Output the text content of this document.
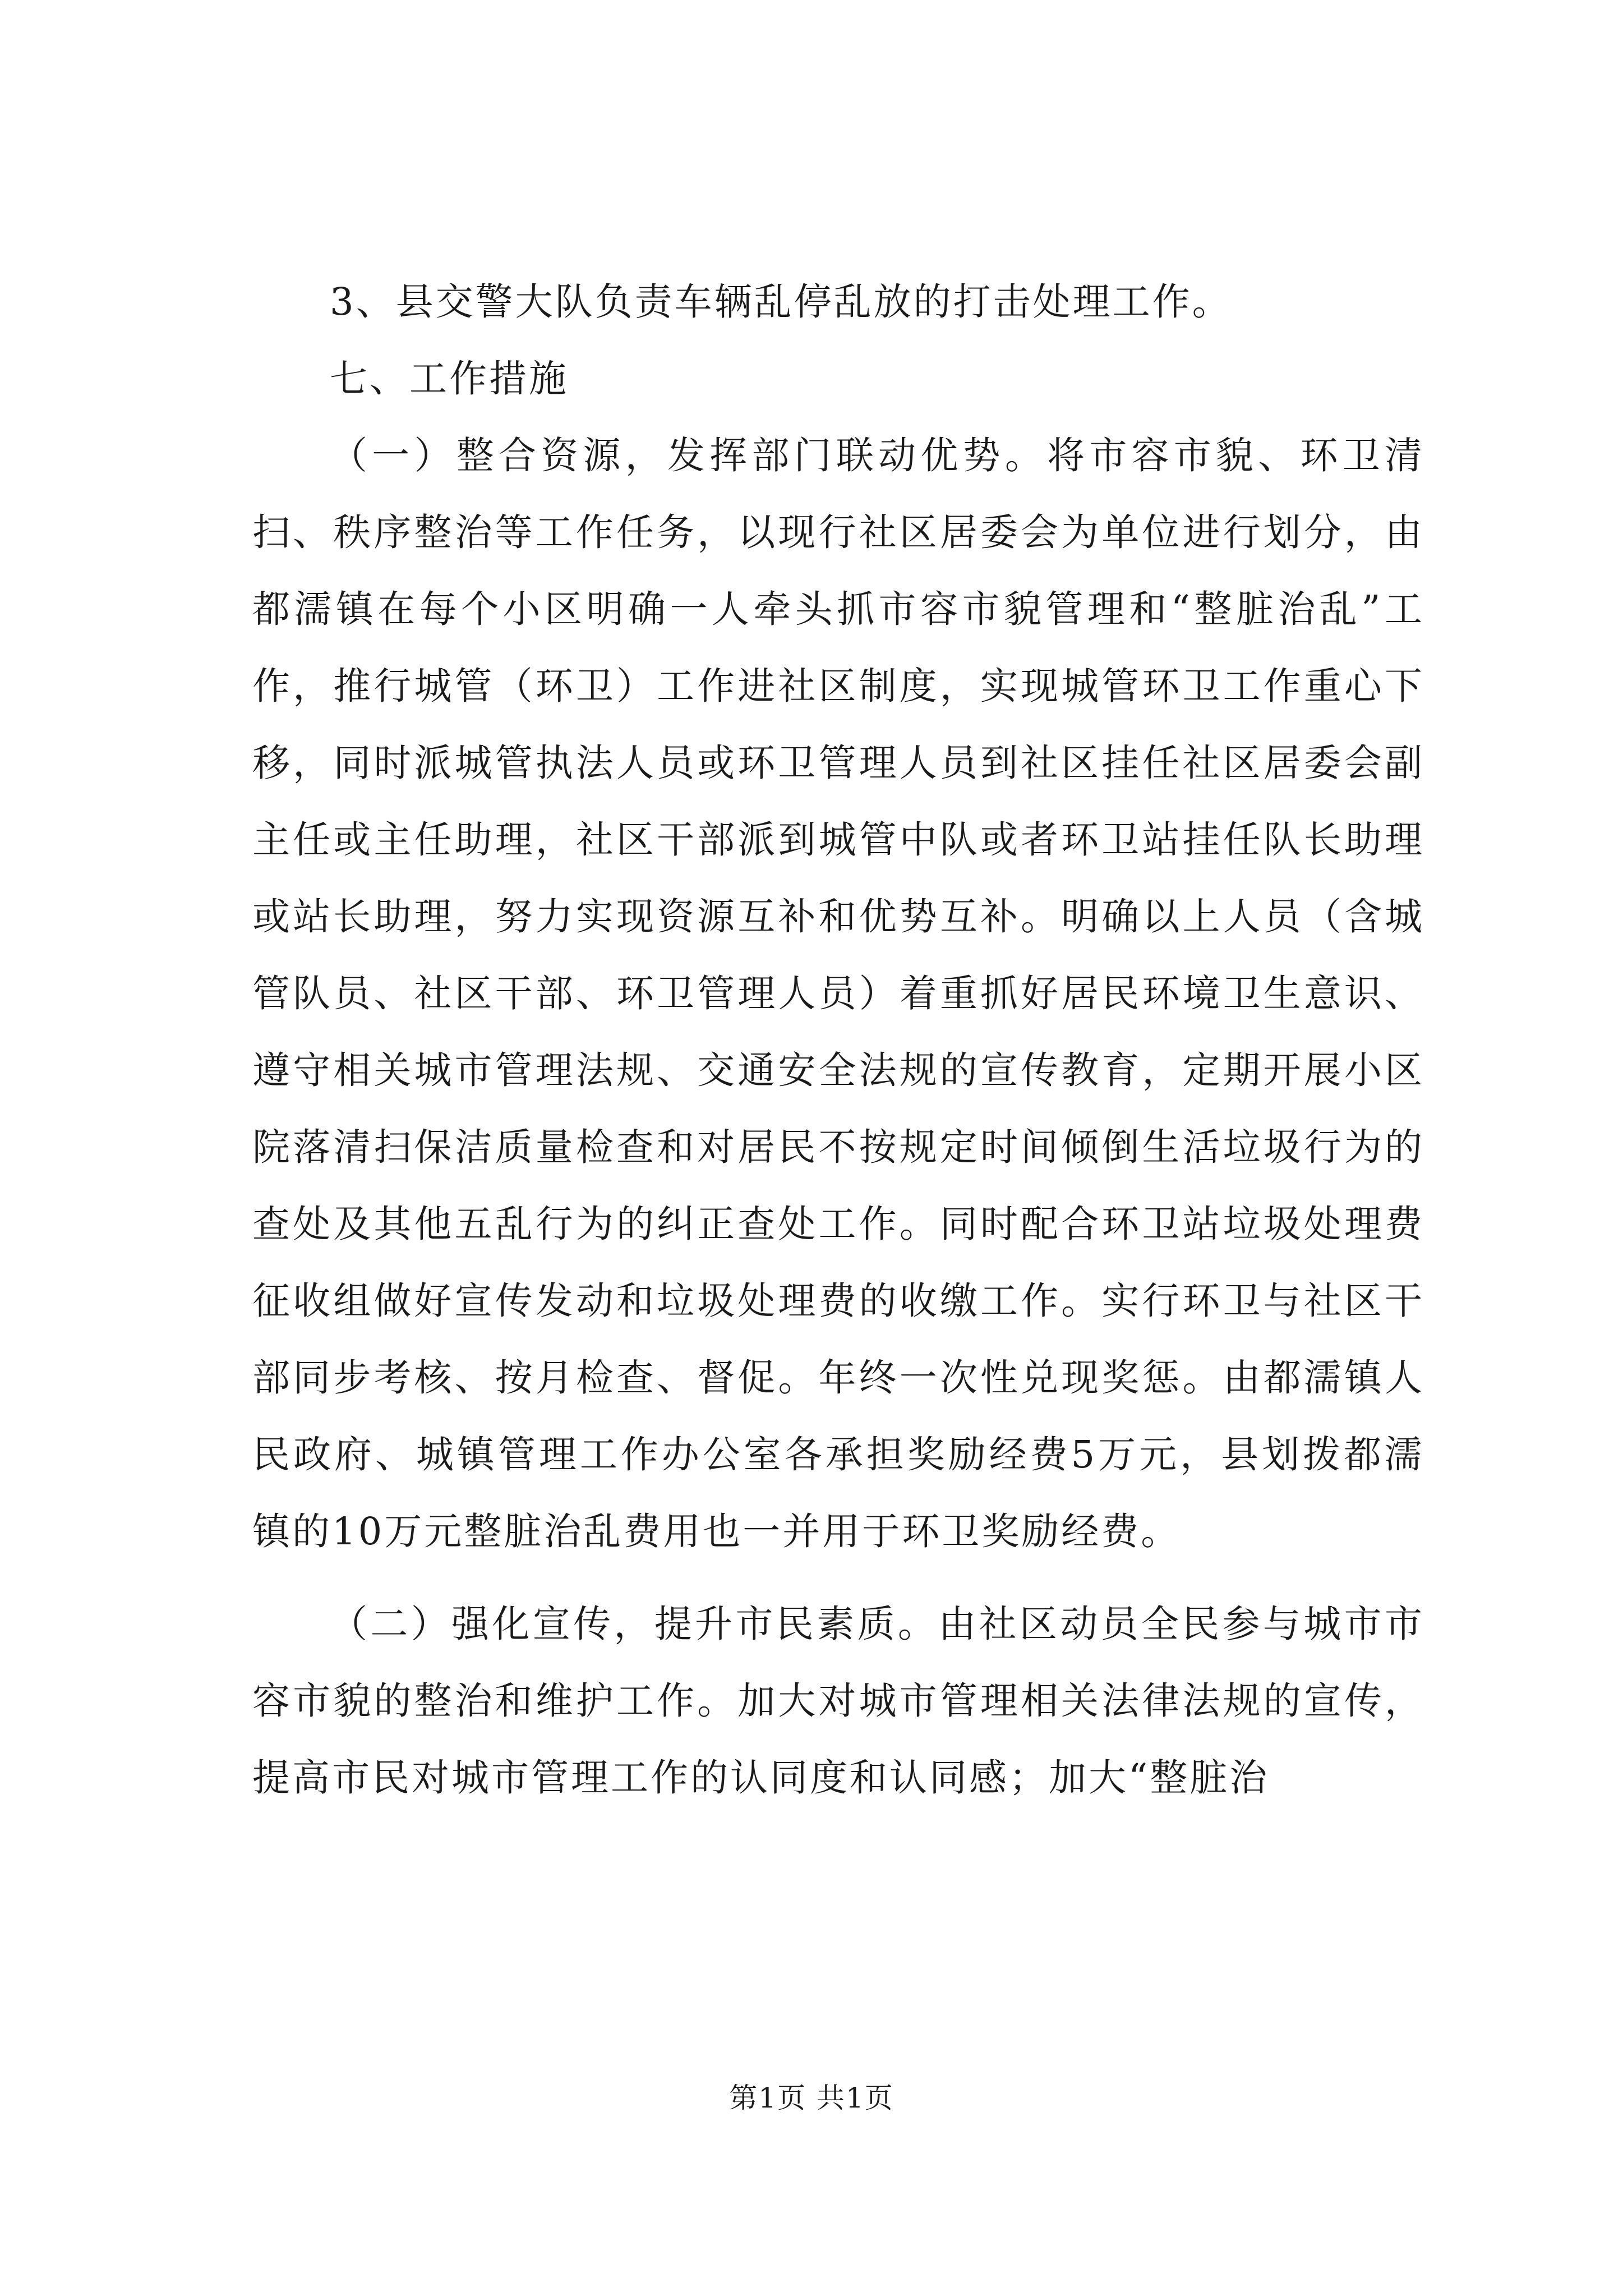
3、县交警大队负责车辆乱停乱放的打击处理工作。

七、工作措施

（一）整合资源，发挥部门联动优势。将市容市貌、环卫清扫、秩序整治等工作任务，以现行社区居委会为单位进行划分，由都濡镇在每个小区明确一人牵头抓市容市貌管理和“整脏治乱”工作，推行城管（环卫）工作进社区制度，实现城管环卫工作重心下移，同时派城管执法人员或环卫管理人员到社区挂任社区居委会副主任或主任助理，社区干部派到城管中队或者环卫站挂任队长助理或站长助理，努力实现资源互补和优势互补。明确以上人员（含城管队员、社区干部、环卫管理人员）着重抓好居民环境卫生意识、遵守相关城市管理法规、交通安全法规的宣传教育，定期开展小区院落清扫保洁质量检查和对居民不按规定时间倾倒生活垃圾行为的查处及其他五乱行为的纠正查处工作。同时配合环卫站垃圾处理费征收组做好宣传发动和垃圾处理费的收缴工作。实行环卫与社区干部同步考核、按月检查、督促。年终一次性兑现奖惩。由都濡镇人民政府、城镇管理工作办公室各承担奖励经费5万元，县划拨都濡镇的10万元整脏治乱费用也一并用于环卫奖励经费。

（二）强化宣传，提升市民素质。由社区动员全民参与城市市容市貌的整治和维护工作。加大对城市管理相关法律法规的宣传，提高市民对城市管理工作的认同度和认同感；加大“整脏治

第1页 共1页
